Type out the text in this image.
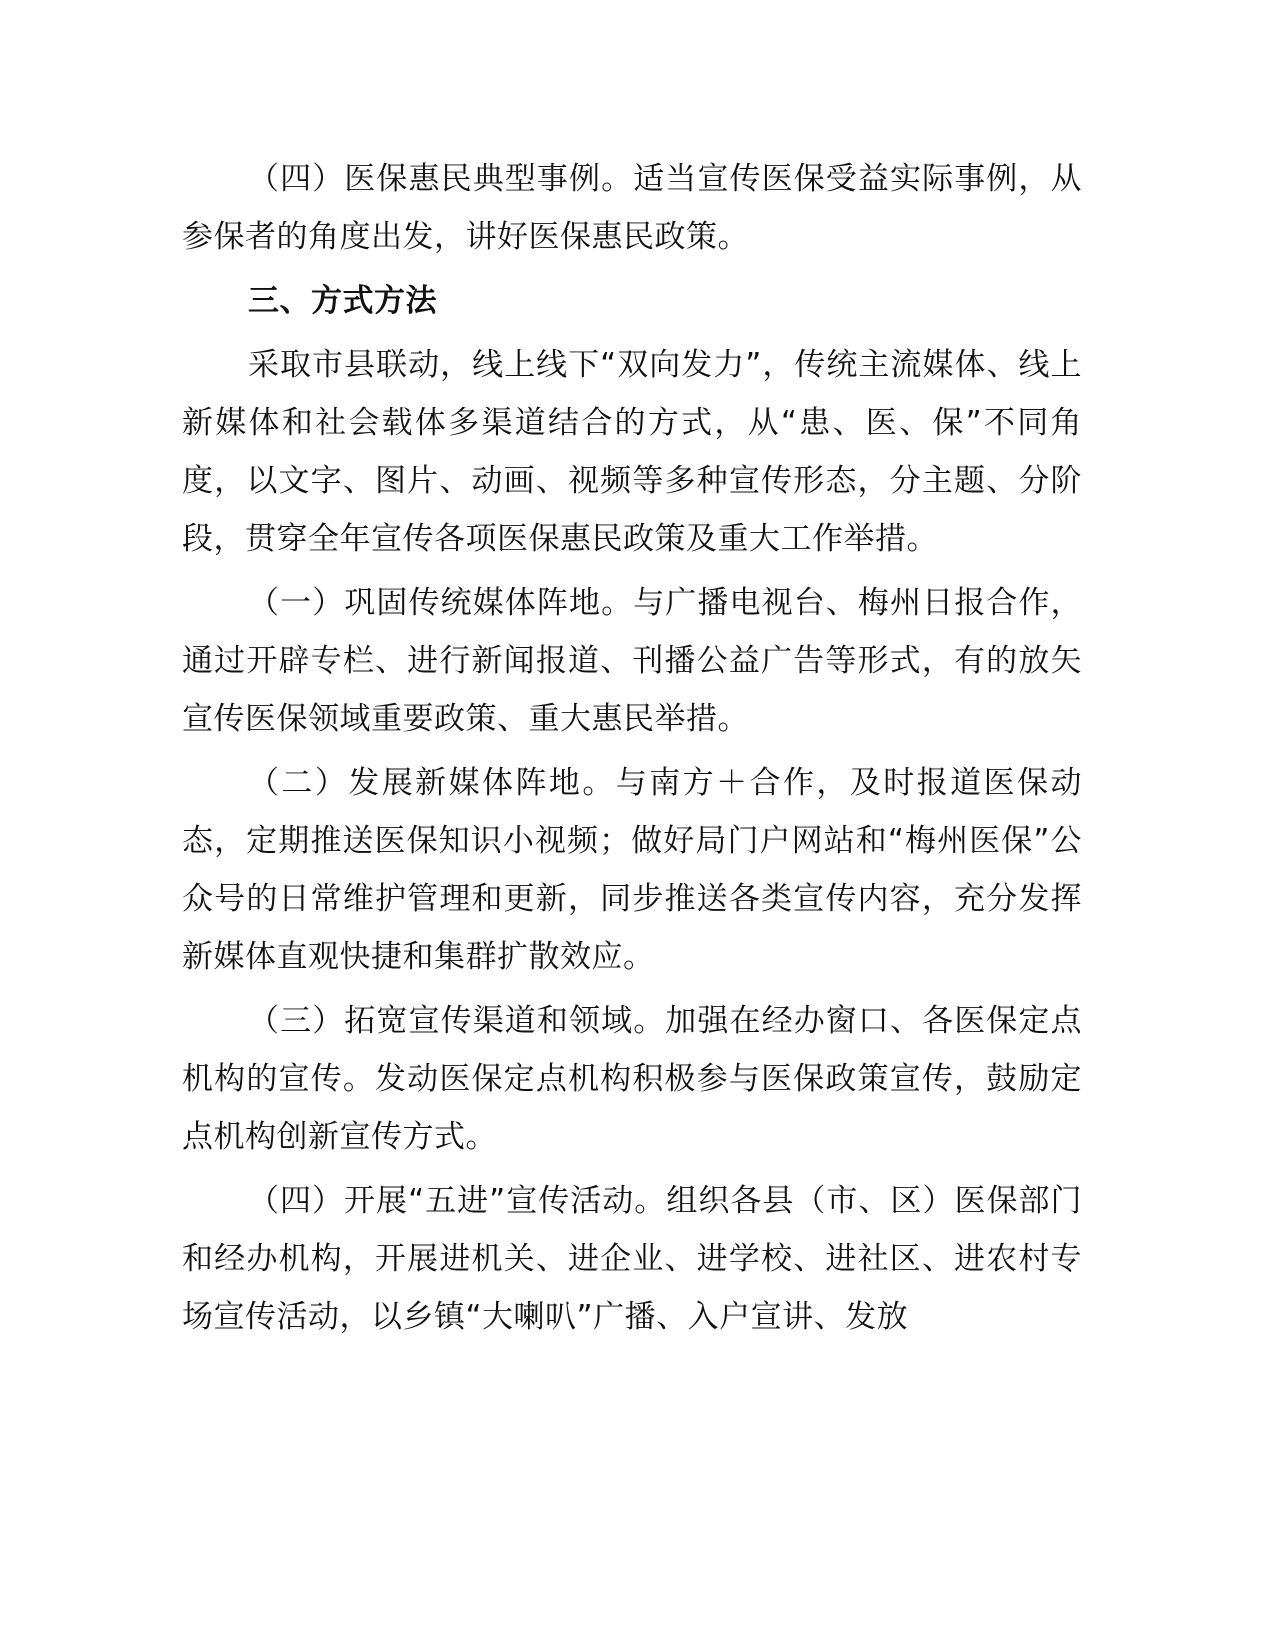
（四）医保惠民典型事例。适当宣传医保受益实际事例，从参保者的角度出发，讲好医保惠民政策。

三、方式方法

采取市县联动，线上线下“双向发力”，传统主流媒体、线上新媒体和社会载体多渠道结合的方式，从“患、医、保”不同角度，以文字、图片、动画、视频等多种宣传形态，分主题、分阶段，贯穿全年宣传各项医保惠民政策及重大工作举措。

（一）巩固传统媒体阵地。与广播电视台、梅州日报合作，通过开辟专栏、进行新闻报道、刊播公益广告等形式，有的放矢宣传医保领域重要政策、重大惠民举措。

（二）发展新媒体阵地。与南方＋合作，及时报道医保动态，定期推送医保知识小视频；做好局门户网站和“梅州医保”公众号的日常维护管理和更新，同步推送各类宣传内容，充分发挥新媒体直观快捷和集群扩散效应。

（三）拓宽宣传渠道和领域。加强在经办窗口、各医保定点机构的宣传。发动医保定点机构积极参与医保政策宣传，鼓励定点机构创新宣传方式。

（四）开展“五进”宣传活动。组织各县（市、区）医保部门和经办机构，开展进机关、进企业、进学校、进社区、进农村专场宣传活动，以乡镇“大喇叭”广播、入户宣讲、发放
